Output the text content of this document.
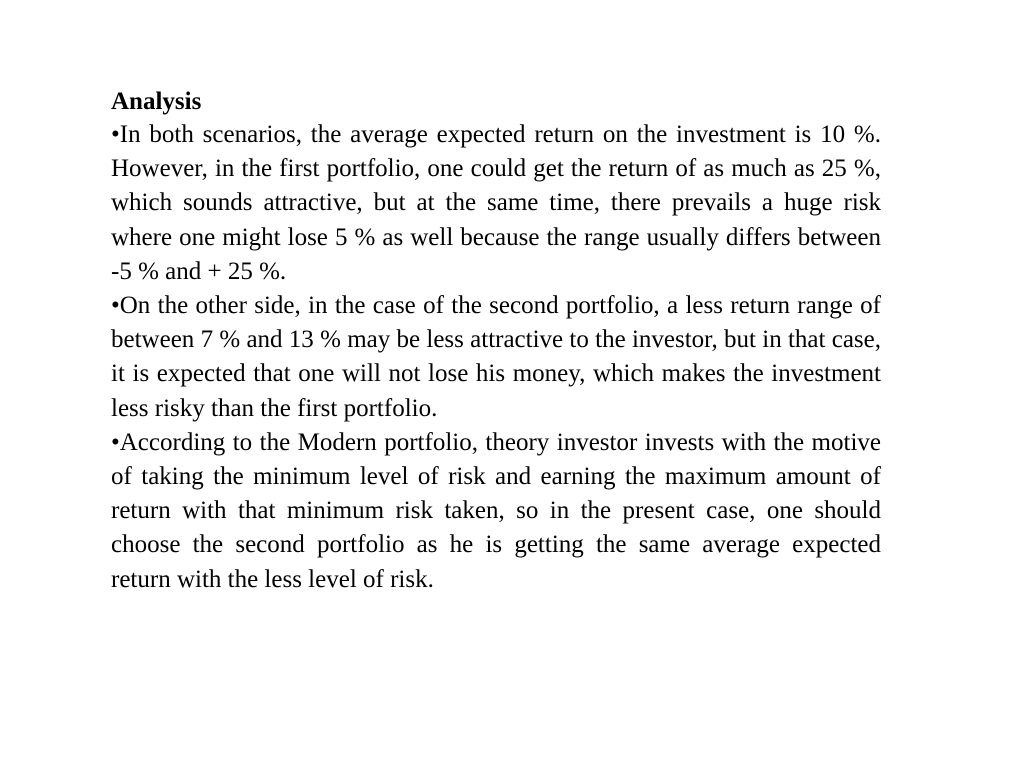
Analysis

•In both scenarios, the average expected return on the investment is 10 %. However, in the first portfolio, one could get the return of as much as 25 %, which sounds attractive, but at the same time, there prevails a huge risk where one might lose 5 % as well because the range usually differs between -5 % and + 25 %.

•On the other side, in the case of the second portfolio, a less return range of between 7 % and 13 % may be less attractive to the investor, but in that case, it is expected that one will not lose his money, which makes the investment less risky than the first portfolio.

•According to the Modern portfolio, theory investor invests with the motive of taking the minimum level of risk and earning the maximum amount of return with that minimum risk taken, so in the present case, one should choose the second portfolio as he is getting the same average expected return with the less level of risk.
